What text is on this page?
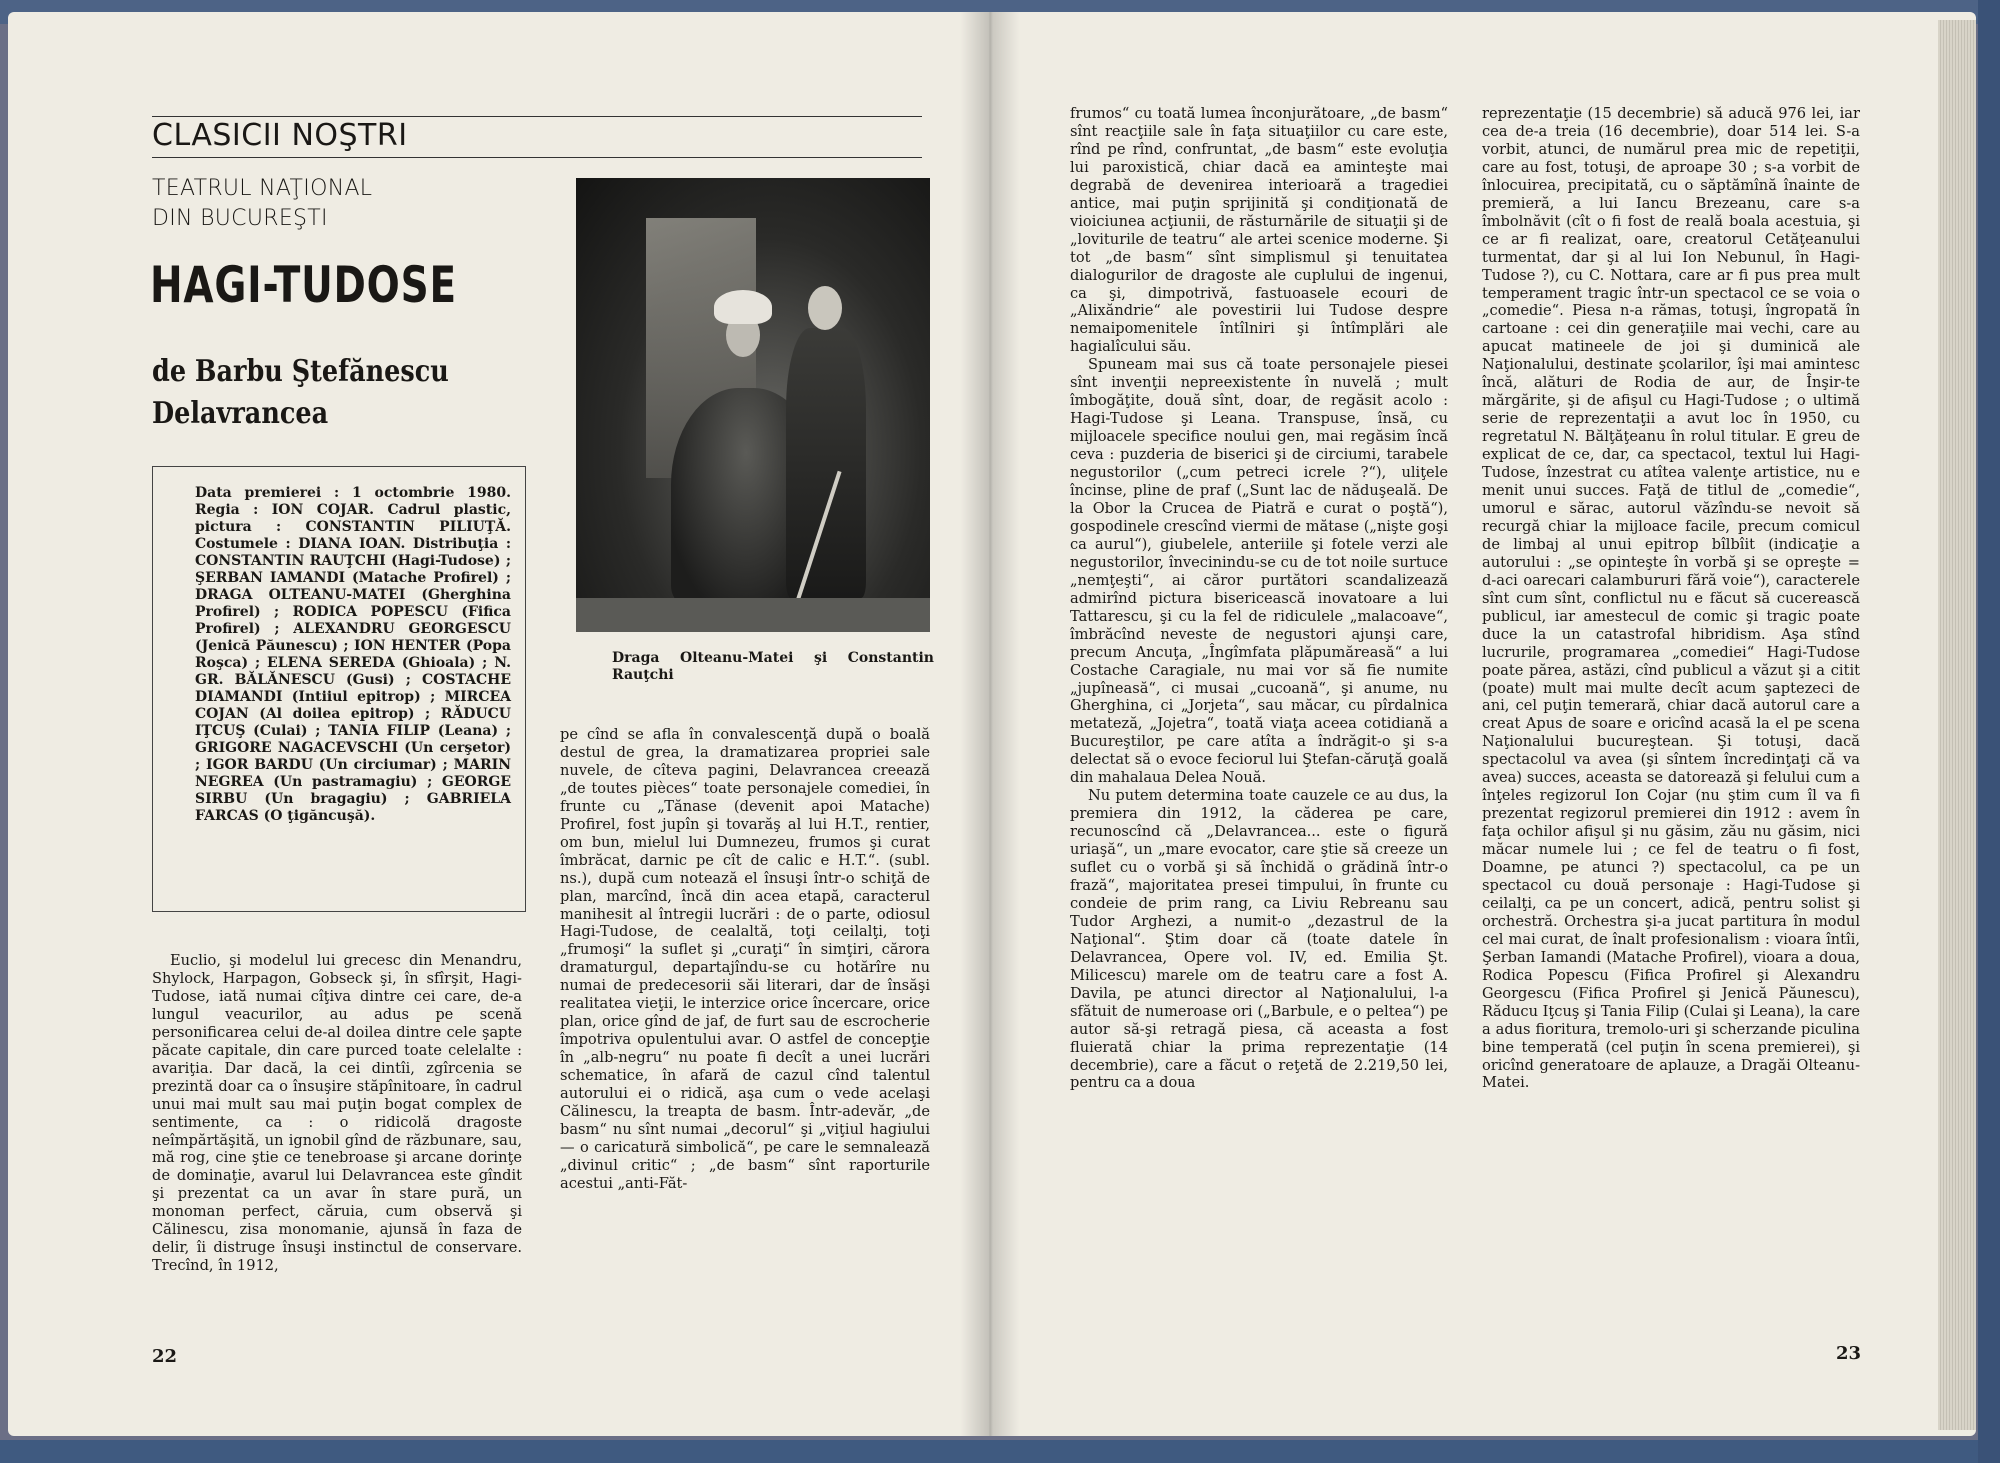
CLASICII NOŞTRI
TEATRUL NAŢIONAL
DIN BUCUREŞTI
HAGI-TUDOSE
de Barbu Ştefănescu
Delavrancea

Data premierei : 1 octombrie 1980. Regia : ION COJAR. Cadrul plastic, pictura : CONSTANTIN PILIUŢĂ. Costumele : DIANA IOAN. Distribuţia : CONSTANTIN RAUŢCHI (Hagi-Tudose) ; ŞERBAN IAMANDI (Matache Profirel) ; DRAGA OLTEANU-MATEI (Gherghina Profirel) ; RODICA POPESCU (Fifica Profirel) ; ALEXANDRU GEORGESCU (Jenică Păunescu) ; ION HENTER (Popa Roşca) ; ELENA SEREDA (Ghioala) ; N. GR. BĂLĂNESCU (Gusi) ; COSTACHE DIAMANDI (Intiiul epitrop) ; MIRCEA COJAN (Al doilea epitrop) ; RĂDUCU IŢCUŞ (Culai) ; TANIA FILIP (Leana) ; GRIGORE NAGACEVSCHI (Un cerşetor) ; IGOR BARDU (Un circiumar) ; MARIN NEGREA (Un pastramagiu) ; GEORGE SIRBU (Un bragagiu) ; GABRIELA FARCAS (O ţigăncuşă).

Draga Olteanu-Matei şi Constantin Rauţchi

Euclio, şi modelul lui grecesc din Menandru, Shylock, Harpagon, Gobseck şi, în sfîrşit, Hagi-Tudose, iată numai cîţiva dintre cei care, de-a lungul veacurilor, au adus pe scenă personificarea celui de-al doilea dintre cele şapte păcate capitale, din care purced toate celelalte : avariţia. Dar dacă, la cei dintîi, zgîrcenia se prezintă doar ca o însuşire stăpînitoare, în cadrul unui mai mult sau mai puţin bogat complex de sentimente, ca : o ridicolă dragoste neîmpărtăşită, un ignobil gînd de răzbunare, sau, mă rog, cine ştie ce tenebroase şi arcane dorinţe de dominaţie, avarul lui Delavrancea este gîndit şi prezentat ca un avar în stare pură, un monoman perfect, căruia, cum observă şi Călinescu, zisa monomanie, ajunsă în faza de delir, îi distruge însuşi instinctul de conservare. Trecînd, în 1912,

pe cînd se afla în convalescenţă după o boală destul de grea, la dramatizarea propriei sale nuvele, de cîteva pagini, Delavrancea creează „de toutes pièces“ toate personajele comediei, în frunte cu „Tănase (devenit apoi Matache) Profirel, fost jupîn şi tovarăş al lui H.T., rentier, om bun, mielul lui Dumnezeu, frumos şi curat îmbrăcat, darnic pe cît de calic e H.T.“. (subl. ns.), după cum notează el însuşi într-o schiţă de plan, marcînd, încă din acea etapă, caracterul manihesit al întregii lucrări : de o parte, odiosul Hagi-Tudose, de cealaltă, toţi ceilalţi, toţi „frumoşi“ la suflet şi „curaţi“ în simţiri, cărora dramaturgul, departajîndu-se cu hotărîre nu numai de predecesorii săi literari, dar de însăşi realitatea vieţii, le interzice orice încercare, orice plan, orice gînd de jaf, de furt sau de escrocherie împotriva opulentului avar. O astfel de concepţie în „alb-negru“ nu poate fi decît a unei lucrări schematice, în afară de cazul cînd talentul autorului ei o ridică, aşa cum o vede acelaşi Călinescu, la treapta de basm. Într-adevăr, „de basm“ nu sînt numai „decorul“ şi „viţiul hagiului — o caricatură simbolică“, pe care le semnalează „divinul critic“ ; „de basm“ sînt raporturile acestui „anti-Făt-

22

frumos“ cu toată lumea înconjurătoare, „de basm“ sînt reacţiile sale în faţa situaţiilor cu care este, rînd pe rînd, confruntat, „de basm“ este evoluţia lui paroxistică, chiar dacă ea aminteşte mai degrabă de devenirea interioară a tragediei antice, mai puţin sprijinită şi condiţionată de vioiciunea acţiunii, de răsturnările de situaţii şi de „loviturile de teatru“ ale artei scenice moderne. Şi tot „de basm“ sînt simplismul şi tenuitatea dialogurilor de dragoste ale cuplului de ingenui, ca şi, dimpotrivă, fastuoasele ecouri de „Alixăndrie“ ale povestirii lui Tudose despre nemaipomenitele întîlniri şi întîmplări ale hagialîcului său.

Spuneam mai sus că toate personajele piesei sînt invenţii nepreexistente în nuvelă ; mult îmbogăţite, două sînt, doar, de regăsit acolo : Hagi-Tudose şi Leana. Transpuse, însă, cu mijloacele specifice noului gen, mai regăsim încă ceva : puzderia de biserici şi de circiumi, tarabele negustorilor („cum petreci icrele ?“), uliţele încinse, pline de praf („Sunt lac de năduşeală. De la Obor la Crucea de Piatră e curat o poştă“), gospodinele crescînd viermi de mătase („nişte goşi ca aurul“), giubelele, anteriile şi fotele verzi ale negustorilor, învecinindu-se cu de tot noile surtuce „nemţeşti“, ai căror purtători scandalizează admirînd pictura bisericească inovatoare a lui Tattarescu, şi cu la fel de ridiculele „malacoave“, îmbrăcînd neveste de negustori ajunşi care, precum Ancuţa, „Îngîmfata plăpumăreasă“ a lui Costache Caragiale, nu mai vor să fie numite „jupîneasă“, ci musai „cucoană“, şi anume, nu Gherghina, ci „Jorjeta“, sau măcar, cu pîrdalnica metateză, „Jojetra“, toată viaţa aceea cotidiană a Bucureştilor, pe care atîta a îndrăgit-o şi s-a delectat să o evoce feciorul lui Ştefan-căruţă goală din mahalaua Delea Nouă.

Nu putem determina toate cauzele ce au dus, la premiera din 1912, la căderea pe care, recunoscînd că „Delavrancea... este o figură uriaşă“, un „mare evocator, care ştie să creeze un suflet cu o vorbă şi să închidă o grădină într-o frază“, majoritatea presei timpului, în frunte cu condeie de prim rang, ca Liviu Rebreanu sau Tudor Arghezi, a numit-o „dezastrul de la Naţional“. Ştim doar că (toate datele în Delavrancea, Opere vol. IV, ed. Emilia Şt. Milicescu) marele om de teatru care a fost A. Davila, pe atunci director al Naţionalului, l-a sfătuit de numeroase ori („Barbule, e o peltea“) pe autor să-şi retragă piesa, că aceasta a fost fluierată chiar la prima reprezentaţie (14 decembrie), care a făcut o reţetă de 2.219,50 lei, pentru ca a doua

reprezentaţie (15 decembrie) să aducă 976 lei, iar cea de-a treia (16 decembrie), doar 514 lei. S-a vorbit, atunci, de numărul prea mic de repetiţii, care au fost, totuşi, de aproape 30 ; s-a vorbit de înlocuirea, precipitată, cu o săptămînă înainte de premieră, a lui Iancu Brezeanu, care s-a îmbolnăvit (cît o fi fost de reală boala acestuia, şi ce ar fi realizat, oare, creatorul Cetăţeanului turmentat, dar şi al lui Ion Nebunul, în Hagi-Tudose ?), cu C. Nottara, care ar fi pus prea mult temperament tragic într-un spectacol ce se voia o „comedie“. Piesa n-a rămas, totuşi, îngropată în cartoane : cei din generaţiile mai vechi, care au apucat matineele de joi şi duminică ale Naţionalului, destinate şcolarilor, îşi mai amintesc încă, alături de Rodia de aur, de Înşir-te mărgărite, şi de afişul cu Hagi-Tudose ; o ultimă serie de reprezentaţii a avut loc în 1950, cu regretatul N. Bălţăţeanu în rolul titular. E greu de explicat de ce, dar, ca spectacol, textul lui Hagi-Tudose, înzestrat cu atîtea valenţe artistice, nu e menit unui succes. Faţă de titlul de „comedie“, umorul e sărac, autorul văzîndu-se nevoit să recurgă chiar la mijloace facile, precum comicul de limbaj al unui epitrop bîlbîit (indicaţie a autorului : „se opinteşte în vorbă şi se opreşte = d-aci oarecari calambururi fără voie“), caracterele sînt cum sînt, conflictul nu e făcut să cucerească publicul, iar amestecul de comic şi tragic poate duce la un catastrofal hibridism. Aşa stînd lucrurile, programarea „comediei“ Hagi-Tudose poate părea, astăzi, cînd publicul a văzut şi a citit (poate) mult mai multe decît acum şaptezeci de ani, cel puţin temerară, chiar dacă autorul care a creat Apus de soare e oricînd acasă la el pe scena Naţionalului bucureştean. Şi totuşi, dacă spectacolul va avea (şi sîntem încredinţaţi că va avea) succes, aceasta se datorează şi felului cum a înţeles regizorul Ion Cojar (nu ştim cum îl va fi prezentat regizorul premierei din 1912 : avem în faţa ochilor afişul şi nu găsim, zău nu găsim, nici măcar numele lui ; ce fel de teatru o fi fost, Doamne, pe atunci ?) spectacolul, ca pe un spectacol cu două personaje : Hagi-Tudose şi ceilalţi, ca pe un concert, adică, pentru solist şi orchestră. Orchestra şi-a jucat partitura în modul cel mai curat, de înalt profesionalism : vioara întîi, Şerban Iamandi (Matache Profirel), vioara a doua, Rodica Popescu (Fifica Profirel şi Alexandru Georgescu (Fifica Profirel şi Jenică Păunescu), Răducu Iţcuş şi Tania Filip (Culai şi Leana), la care a adus fioritura, tremolo-uri şi scherzande piculina bine temperată (cel puţin în scena premierei), şi oricînd generatoare de aplauze, a Dragăi Olteanu-Matei.

23
